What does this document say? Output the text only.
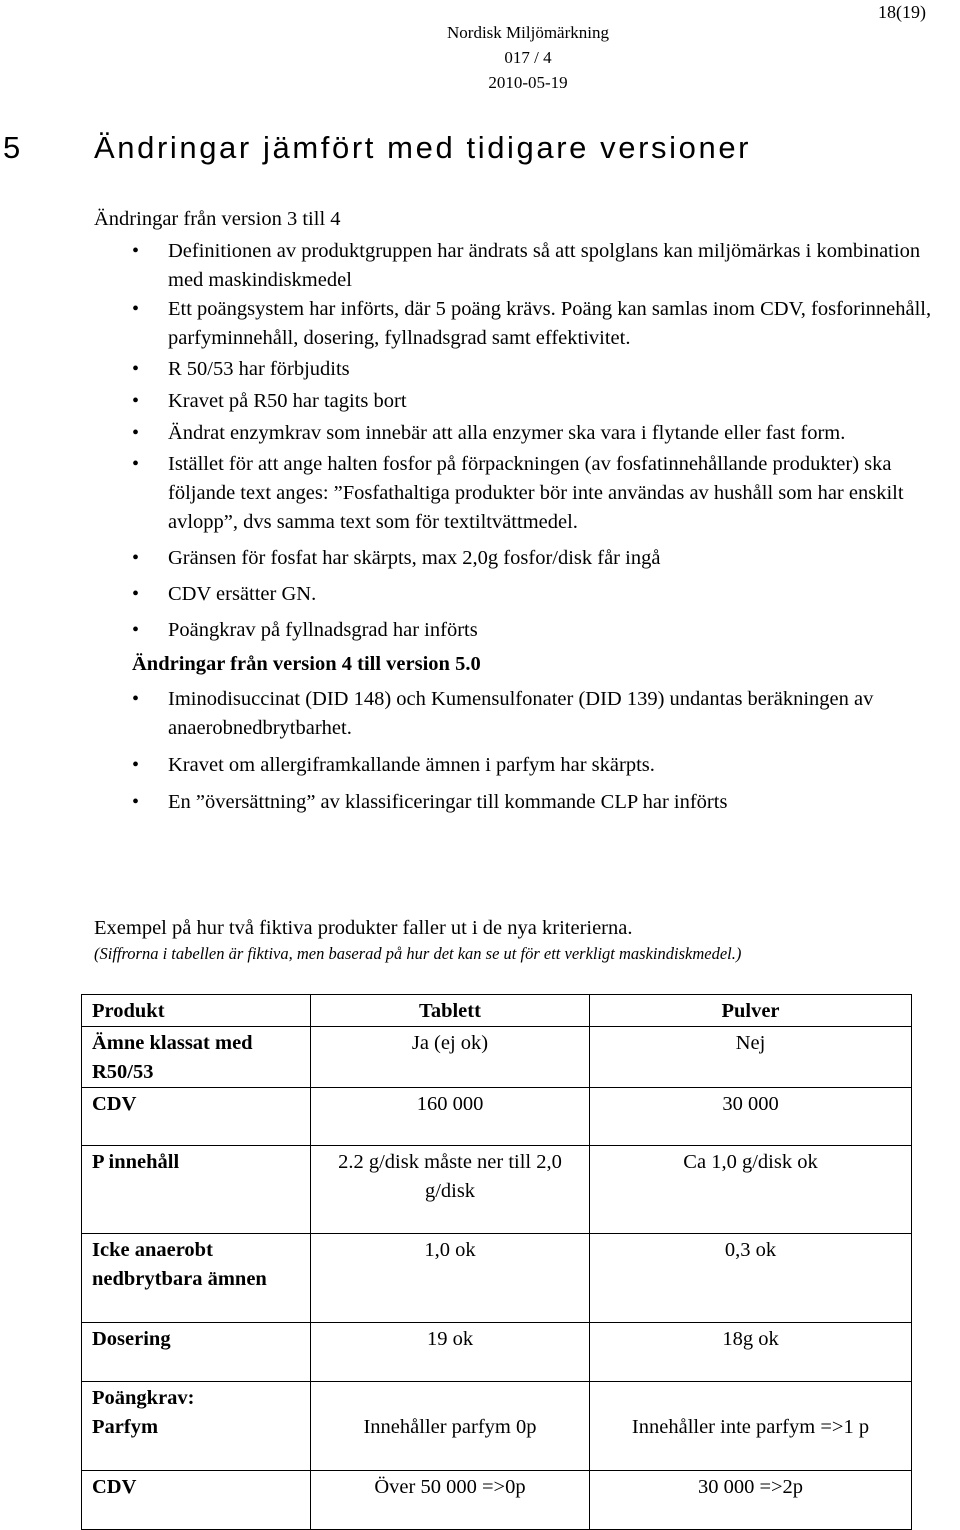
18(19)
Nordisk Miljömärkning
017 / 4
2010-05-19
5 Ändringar jämfört med tidigare versioner

Ändringar från version 3 till 4

• Definitionen av produktgruppen har ändrats så att spolglans kan miljömärkas i kombination med maskindiskmedel
• Ett poängsystem har införts, där 5 poäng krävs. Poäng kan samlas inom CDV, fosforinnehåll, parfyminnehåll, dosering, fyllnadsgrad samt effektivitet.
• R 50/53 har förbjudits
• Kravet på R50 har tagits bort
• Ändrat enzymkrav som innebär att alla enzymer ska vara i flytande eller fast form.
• Istället för att ange halten fosfor på förpackningen (av fosfatinnehållande produkter) ska följande text anges: ”Fosfathaltiga produkter bör inte användas av hushåll som har enskilt avlopp”, dvs samma text som för textiltvättmedel.
• Gränsen för fosfat har skärpts, max 2,0g fosfor/disk får ingå
• CDV ersätter GN.
• Poängkrav på fyllnadsgrad har införts

Ändringar från version 4 till version 5.0

• Iminodisuccinat (DID 148) och Kumensulfonater (DID 139) undantas beräkningen av anaerobnedbrytbarhet.
• Kravet om allergiframkallande ämnen i parfym har skärpts.
• En ”översättning” av klassificeringar till kommande CLP har införts
Exempel på hur två fiktiva produkter faller ut i de nya kriterierna.
(Siffrorna i tabellen är fiktiva, men baserad på hur det kan se ut för ett verkligt maskindiskmedel.)
Produkt	Tablett	Pulver
Ämne klassat med R50/53	Ja (ej ok)	Nej
CDV	160 000	30 000
P innehåll	2.2 g/disk måste ner till 2,0 g/disk	Ca 1,0 g/disk ok
Icke anaerobt nedbrytbara ämnen	1,0 ok	0,3 ok
Dosering	19 ok	18g ok

Poängkrav:
Parfym	Innehåller parfym 0p	Innehåller inte parfym =>1 p

CDV	Över 50 000 =>0p	30 000 =>2p
